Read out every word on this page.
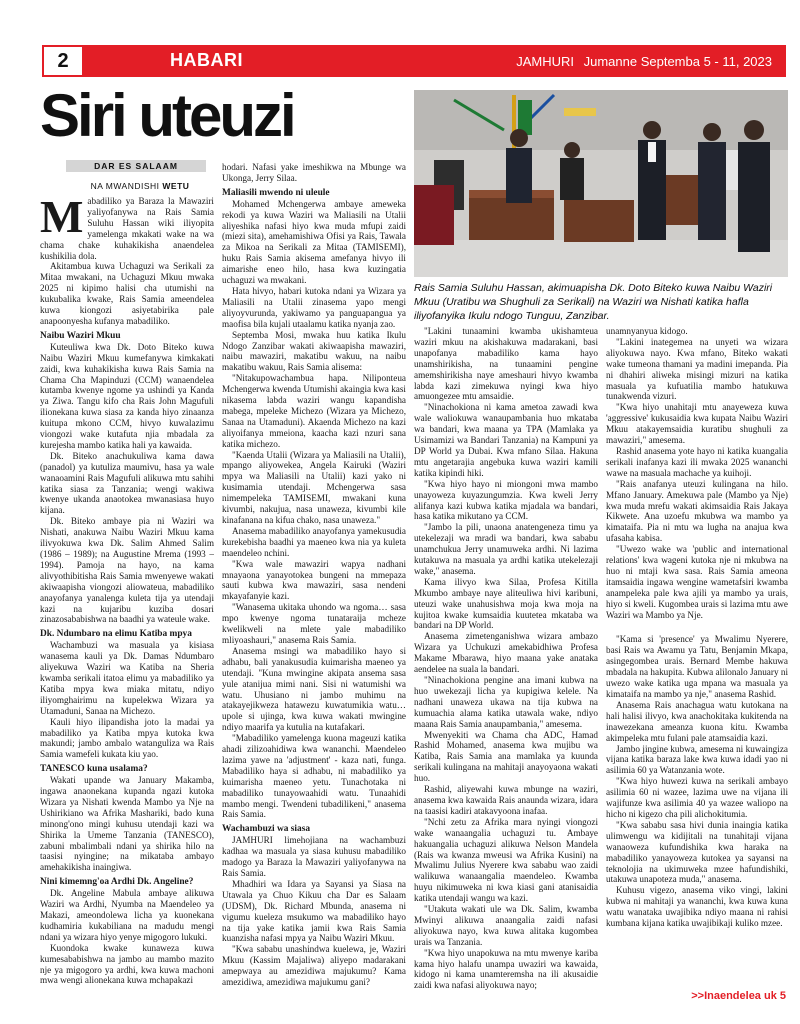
2	HABARI	JAMHURI Jumanne Septemba 5 - 11, 2023
Siri uteuzi

Rais Samia Suluhu Hassan, akimuapisha Dk. Doto Biteko kuwa Naibu Waziri Mkuu (Uratibu wa Shughuli za Serikali) na Waziri wa Nishati katika hafla iliyofanyika Ikulu ndogo Tunguu, Zanzibar.

DAR ES SALAAM
NA MWANDISHI WETU

Mabadiliko ya Baraza la Mawaziri yaliyofanywa na Rais Samia Suluhu Hassan wiki iliyopita yamelenga mkakati wake na wa chama chake kuhakikisha anaendelea kushikilia dola.

Akitambua kuwa Uchaguzi wa Serikali za Mitaa mwakani, na Uchaguzi Mkuu mwaka 2025 ni kipimo halisi cha utumishi na kukubalika kwake, Rais Samia ameendelea kuwa kiongozi asiyetabirika pale anapoonyesha kufanya mabadiliko.

Naibu Waziri Mkuu

Kuteuliwa kwa Dk. Doto Biteko kuwa Naibu Waziri Mkuu kumefanywa kimkakati zaidi, kwa kuhakikisha kuwa Rais Samia na Chama Cha Mapinduzi (CCM) wanaendelea kutamba kwenye ngome ya ushindi ya Kanda ya Ziwa. Tangu kifo cha Rais John Magufuli ilionekana kuwa siasa za kanda hiyo zinaanza kuitupa mkono CCM, hivyo kuwalazimu viongozi wake kutafuta njia mbadala za kurejesha mambo katika hali ya kawaida.

Dk. Biteko anachukuliwa kama dawa (panadol) ya kutuliza maumivu, hasa ya wale wanaoamini Rais Magufuli alikuwa mtu sahihi katika siasa za Tanzania; wengi wakiwa kwenye ukanda anaotokea mwanasiasa huyo kijana.

Dk. Biteko ambaye pia ni Waziri wa Nishati, anakuwa Naibu Waziri Mkuu kama ilivyokuwa kwa Dk. Salim Ahmed Salim (1986 – 1989); na Augustine Mrema (1993 – 1994). Pamoja na hayo, na kama alivyothibitisha Rais Samia mwenyewe wakati akiwaapisha viongozi aliowateua, mabadiliko anayofanya yanalenga kuleta tija ya utendaji kazi na kujaribu kuziba dosari zinazosababishwa na baadhi ya wateule wake.

Dk. Ndumbaro na elimu Katiba mpya

Wachambuzi wa masuala ya kisiasa wanasema kauli ya Dk. Damas Ndumbaro aliyekuwa Waziri wa Katiba na Sheria kwamba serikali itatoa elimu ya mabadiliko ya Katiba mpya kwa miaka mitatu, ndiyo iliyomghairimu na kupelekwa Wizara ya Utamaduni, Sanaa na Michezo.

Kauli hiyo ilipandisha joto la madai ya mabadiliko ya Katiba mpya kutoka kwa makundi; jambo ambalo watanguliza wa Rais Samia wamefeli kukata kiu yao.

TANESCO kuna usalama?

Wakati upande wa January Makamba, ingawa anaonekana kupanda ngazi kutoka Wizara ya Nishati kwenda Mambo ya Nje na Ushirikiano wa Afrika Mashariki, bado kuna minong'ono mingi kuhusu utendaji kazi wa Shirika la Umeme Tanzania (TANESCO), zabuni mbalimbali ndani ya shirika hilo na taasisi nyingine; na mikataba ambayo amehakikisha inaingiwa.

Nini kimemng'oa Ardhi Dk. Angeline?

Dk. Angeline Mabula ambaye alikuwa Waziri wa Ardhi, Nyumba na Maendeleo ya Makazi, ameondolewa licha ya kuonekana kudhamiria kukabiliana na madudu mengi ndani ya wizara hiyo yenye migogoro lukuki.

Kuondoka kwake kunaweza kuwa kumesababishwa na jambo au mambo mazito nje ya migogoro ya ardhi, kwa kuwa machoni mwa wengi alionekana kuwa mchapakazi

hodari. Nafasi yake imeshikwa na Mbunge wa Ukonga, Jerry Silaa.

Maliasili mwendo ni uleule

Mohamed Mchengerwa ambaye ameweka rekodi ya kuwa Waziri wa Maliasili na Utalii aliyeshika nafasi hiyo kwa muda mfupi zaidi (miezi sita), amehamishiwa Ofisi ya Rais, Tawala za Mikoa na Serikali za Mitaa (TAMISEMI), huku Rais Samia akisema amefanya hivyo ili aimarishe eneo hilo, hasa kwa kuzingatia uchaguzi wa mwakani.

Hata hivyo, habari kutoka ndani ya Wizara ya Maliasili na Utalii zinasema yapo mengi aliyoyvurunda, yakiwamo ya panguapangua ya maofisa bila kujali utaalamu katika nyanja zao.

Septemba Mosi, mwaka huu katika Ikulu Ndogo Zanzibar wakati akiwaapisha mawaziri, naibu mawaziri, makatibu wakuu, na naibu makatibu wakuu, Rais Samia alisema:

"Nitakupowachambua hapa. Niliponteua Mchengerwa kwenda Utumishi akaingia kwa kasi nikasema labda waziri wangu kapandisha mabega, mpeleke Michezo (Wizara ya Michezo, Sanaa na Utamaduni). Akaenda Michezo na kazi aliyoifanya mmeiona, kaacha kazi nzuri sana katika michezo.

"Kaenda Utalii (Wizara ya Maliasili na Utalii), mpango aliyowekea, Angela Kairuki (Waziri mpya wa Maliasili na Utalii) kazi yako ni kusimamia utendaji. Mchengerwa sasa nimempeleka TAMISEMI, mwakani kuna kivumbi, nakujua, nasa unaweza, kivumbi kile kinafanana na kifua chako, nasa unaweza."

Anasema mabadiliko anayofanya yamekusudia kurekebisha baadhi ya maeneo kwa nia ya kuleta maendeleo nchini.

"Kwa wale mawaziri wapya nadhani mnayaona yanayotokea bungeni na mmepaza sauti kubwa kwa mawaziri, sasa nendeni mkayafanyie kazi.

"Wanasema ukitaka uhondo wa ngoma… sasa mpo kwenye ngoma tunataraija mcheze kwelikweli na mlete yale mabadiliko mliyoashauri," anasema Rais Samia.

Anasema msingi wa mabadiliko hayo si adhabu, bali yanakusudia kuimarisha maeneo ya utendaji. "Kuna mwingine akipata ansema sasa yule atanijua mimi nani. Sisi ni watumishi wa watu. Uhusiano ni jambo muhimu na atakayejikweza hatawezu kuwatumikia watu… upole si ujinga, kwa kuwa wakati mwingine ndiyo maarifa ya kutulia na kutafakari.

"Mabadiliko yamelenga kuona mageuzi katika ahadi zilizoahidiwa kwa wananchi. Maendeleo lazima yawe na 'adjustment' - kaza nati, funga. Mabadiliko haya si adhabu, ni mabadiliko ya kuimarisha maeneo yetu. Tunachotaka ni mabadiliko tunayowaahidi watu. Tunaahidi mambo mengi. Twendeni tubadilikeni," anasema Rais Samia.

Wachambuzi wa siasa

JAMHURI limehojiana na wachambuzi kadhaa wa masuala ya siasa kuhusu mabadiliko madogo ya Baraza la Mawaziri yaliyofanywa na Rais Samia.

Mhadhiri wa Idara ya Sayansi ya Siasa na Utawala ya Chuo Kikuu cha Dar es Salaam (UDSM), Dk. Richard Mbunda, anasema ni vigumu kueleza msukumo wa mabadiliko hayo na tija yake katika jamii kwa Rais Samia kuanzisha nafasi mpya ya Naibu Waziri Mkuu.

"Kwa sababu unashindwa kuelewa, je, Waziri Mkuu (Kassim Majaliwa) aliyepo madarakani amepwaya au amezidiwa majukumu? Kama amezidiwa, amezidiwa majukumu gani?

"Lakini tunaamini kwamba ukishamteua waziri mkuu na akishakuwa madarakani, basi unapofanya mabadiliko kama hayo unamshirikisha, na tunaamini pengine amemshirikisha naye ameshauri hivyo kwamba labda kazi zimekuwa nyingi kwa hiyo amuongezee mtu amsaidie.

"Ninachokiona ni kama ametoa zawadi kwa wale waliokuwa wanaupambania huo mkataba wa bandari, kwa maana ya TPA (Mamlaka ya Usimamizi wa Bandari Tanzania) na Kampuni ya DP World ya Dubai. Kwa mfano Silaa. Hakuna mtu angetarajia angebuka kuwa waziri kamili katika kipindi hiki.

"Kwa hiyo hayo ni miongoni mwa mambo unayoweza kuyazungumzia. Kwa kweli Jerry alifanya kazi kubwa katika mjadala wa bandari, hasa katika mikutano ya CCM.

"Jambo la pili, unaona anatengeneza timu ya utekelezaji wa mradi wa bandari, kwa sababu unamchukua Jerry unamuweka ardhi. Ni lazima kutakuwa na masuala ya ardhi katika utekelezaji wake," anasema.

Kama ilivyo kwa Silaa, Profesa Kitilla Mkumbo ambaye naye aliteuliwa hivi karibuni, uteuzi wake unahusishwa moja kwa moja na kujitoa kwake kumsaidia kuutetea mkataba wa bandari na DP World.

Anasema zimetenganishwa wizara ambazo Wizara ya Uchukuzi amekabidhiwa Profesa Makame Mbarawa, hiyo maana yake anataka aendelee na suala la bandari.

"Ninachokiona pengine ana imani kubwa na huo uwekezaji licha ya kupigiwa kelele. Na nadhani unaweza ukawa na tija kubwa na kumuachia alama katika utawala wake, ndiyo maana Rais Samia anaupambania," amesema.

Mwenyekiti wa Chama cha ADC, Hamad Rashid Mohamed, anasema kwa mujibu wa Katiba, Rais Samia ana mamlaka ya kuunda serikali kulingana na mahitaji anayoyaona wakati huo.

Rashid, aliyewahi kuwa mbunge na waziri, anasema kwa kawaida Rais anaunda wizara, idara na taasisi kadiri atakavyoona inafaa.

"Nchi zetu za Afrika mara nyingi viongozi wake wanaangalia uchaguzi tu. Ambaye hakuangalia uchaguzi alikuwa Nelson Mandela (Rais wa kwanza mweusi wa Afrika Kusini) na Mwalimu Julius Nyerere kwa sababu wao zaidi walikuwa wanaangalia maendeleo. Kwamba huyu nikimuweka ni kwa kiasi gani atanisaidia katika utendaji wangu wa kazi.

"Utakuta wakati ule wa Dk. Salim, kwamba Mwinyi alikuwa anaangalia zaidi nafasi aliyokuwa nayo, kwa kuwa alitaka kugombea urais wa Tanzania.

"Kwa hiyo unapokuwa na mtu mwenye kariba kama hiyo halafu unampa uwaziri wa kawaida, kidogo ni kama unamteremsha na ili akusaidie zaidi kwa nafasi aliyokuwa nayo;

unamnyanyua kidogo.

"Lakini inategemea na unyeti wa wizara aliyokuwa nayo. Kwa mfano, Biteko wakati wake tumeona thamani ya madini imepanda. Pia ni dhahiri aliweka misingi mizuri na katika masuala ya kufuatilia mambo hatukuwa tunakwenda vizuri.

"Kwa hiyo unahitaji mtu anayeweza kuwa 'aggressive' kukusaidia kwa kupata Naibu Waziri Mkuu atakayemsaidia kuratibu shughuli za mawaziri," amesema.

Rashid anasema yote hayo ni katika kuangalia serikali inafanya kazi ili mwaka 2025 wananchi wawe na masuala machache ya kuihoji.

"Rais anafanya uteuzi kulingana na hilo. Mfano January. Amekuwa pale (Mambo ya Nje) kwa muda mrefu wakati akimsaidia Rais Jakaya Kikwete. Ana uzoefu mkubwa wa mambo ya kimataifa. Pia ni mtu wa lugha na anajua kwa ufasaha kabisa.

"Uwezo wake wa 'public and international relations' kwa wageni kutoka nje ni mkubwa na huo ni mtaji kwa sasa. Rais Samia ameona itamsaidia ingawa wengine wametafsiri kwamba anampeleka pale kwa ajili ya mambo ya urais, hiyo si kweli. Kugombea urais si lazima mtu awe Waziri wa Mambo ya Nje.

"Kama si 'presence' ya Mwalimu Nyerere, basi Rais wa Awamu ya Tatu, Benjamin Mkapa, asingegombea urais. Bernard Membe hakuwa mbadala na hakupita. Kubwa alilonalo January ni uwezo wake katika uga mpana wa masuala ya kimataifa na mambo ya nje," anasema Rashid.

Anasema Rais anachagua watu kutokana na hali halisi ilivyo, kwa anachokitaka kukitenda na inawezekana ameanza kuona kitu. Kwamba akimpeleka mtu fulani pale atamsaidia kazi.

Jambo jingine kubwa, amesema ni kuwaingiza vijana katika baraza lake kwa kuwa idadi yao ni asilimia 60 ya Watanzania wote.

"Kwa hiyo huwezi kuwa na serikali ambayo asilimia 60 ni wazee, lazima uwe na vijana ili wajifunze kwa asilimia 40 ya wazee waliopo na hicho ni kigezo cha pili alichokitumia.

"Kwa sababu sasa hivi dunia inaingia katika ulimwengu wa kidijitali na tunahitaji vijana wanaoweza kufundishika kwa haraka na mabadiliko yanayoweza kutokea ya sayansi na teknolojia na ukimuweka mzee hafundishiki, utakuwa unapoteza muda," anasema.

Kuhusu vigezo, anasema viko vingi, lakini kubwa ni mahitaji ya wananchi, kwa kuwa kuna watu wanataka uwajibika ndiyo maana ni rahisi kumbana kijana katika uwajibikaji kuliko mzee.

>>Inaendelea uk 5
